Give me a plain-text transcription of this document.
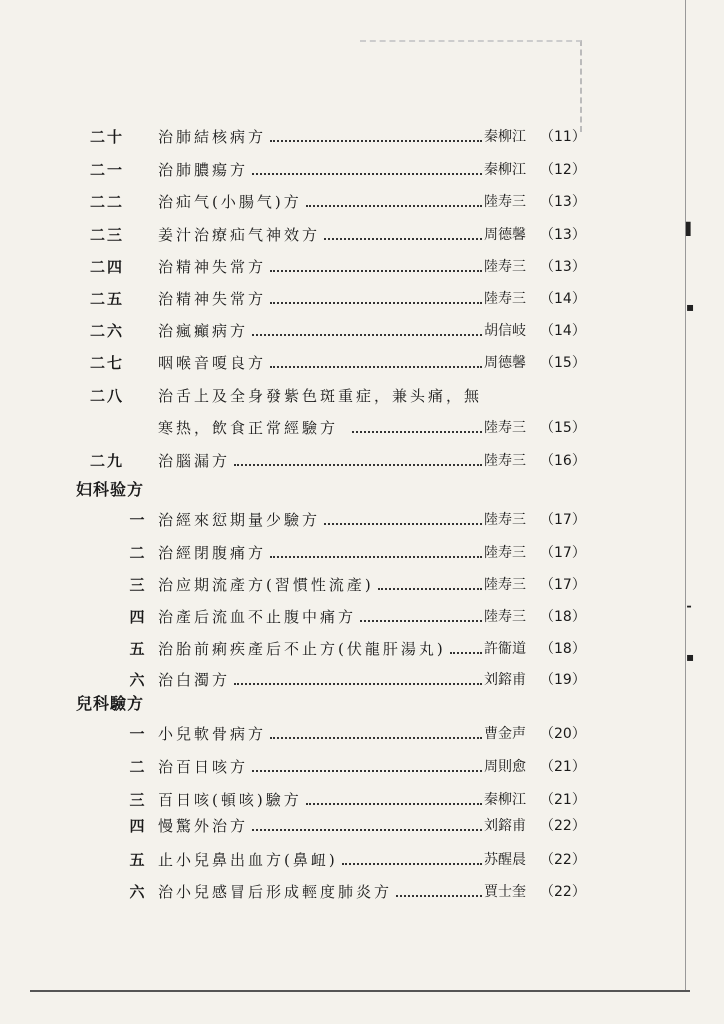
▌
▪
⁃
▪
二十	治肺結核病方	秦柳江 （11）
二一	治肺膿瘍方	秦柳江 （12）
二二	治疝气(小腸气)方	陸寿三 （13）
二三	姜汁治療疝气神效方	周德馨 （13）
二四	治精神失常方	陸寿三 （13）
二五	治精神失常方	陸寿三 （14）
二六	治瘋癲病方	胡信岐 （14）
二七	咽喉音嗄良方	周德馨 （15）
二八	治舌上及全身發紫色斑重症，兼头痛，無
寒热，飲食正常經驗方	陸寿三 （15）
二九	治腦漏方	陸寿三 （16）
妇科验方
一 治經來愆期量少驗方	陸寿三 （17）
二 治經閉腹痛方	陸寿三 （17）
三 治应期流產方(習慣性流產)	陸寿三 （17）
四 治產后流血不止腹中痛方	陸寿三 （18）
五 治胎前痢疾產后不止方(伏龍肝湯丸)	許衞道 （18）
六 治白濁方	刘鎔甫 （19）
兒科驗方
一 小兒軟骨病方	曹金声 （20）
二 治百日咳方	周則愈 （21）
三 百日咳(頓咳)驗方	秦柳江 （21）
四 慢驚外治方	刘鎔甫 （22）
五 止小兒鼻出血方(鼻衄)	苏醒晨 （22）
六 治小兒感冒后形成輕度肺炎方	賈士奎 （22）
